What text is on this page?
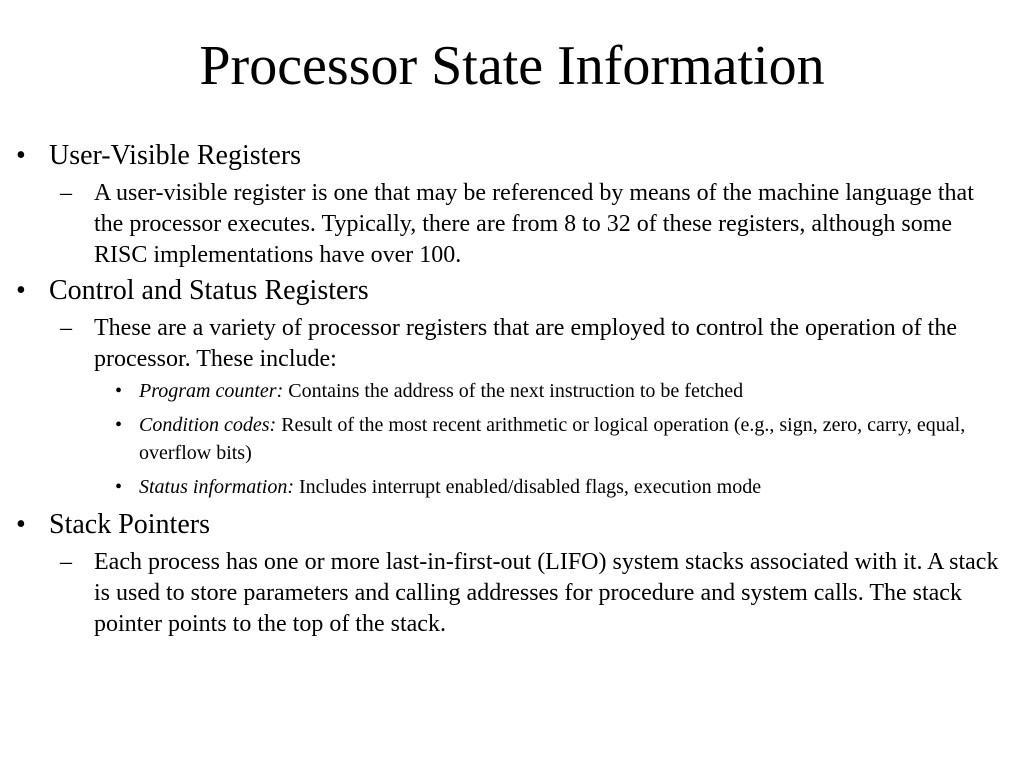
Processor State Information
• User-Visible Registers
– A user-visible register is one that may be referenced by means of the machine language that the processor executes. Typically, there are from 8 to 32 of these registers, although some RISC implementations have over 100.
• Control and Status Registers
– These are a variety of processor registers that are employed to control the operation of the processor. These include:
• Program counter: Contains the address of the next instruction to be fetched
• Condition codes: Result of the most recent arithmetic or logical operation (e.g., sign, zero, carry, equal, overflow bits)
• Status information: Includes interrupt enabled/disabled flags, execution mode
• Stack Pointers
– Each process has one or more last-in-first-out (LIFO) system stacks associated with it. A stack is used to store parameters and calling addresses for procedure and system calls. The stack pointer points to the top of the stack.
